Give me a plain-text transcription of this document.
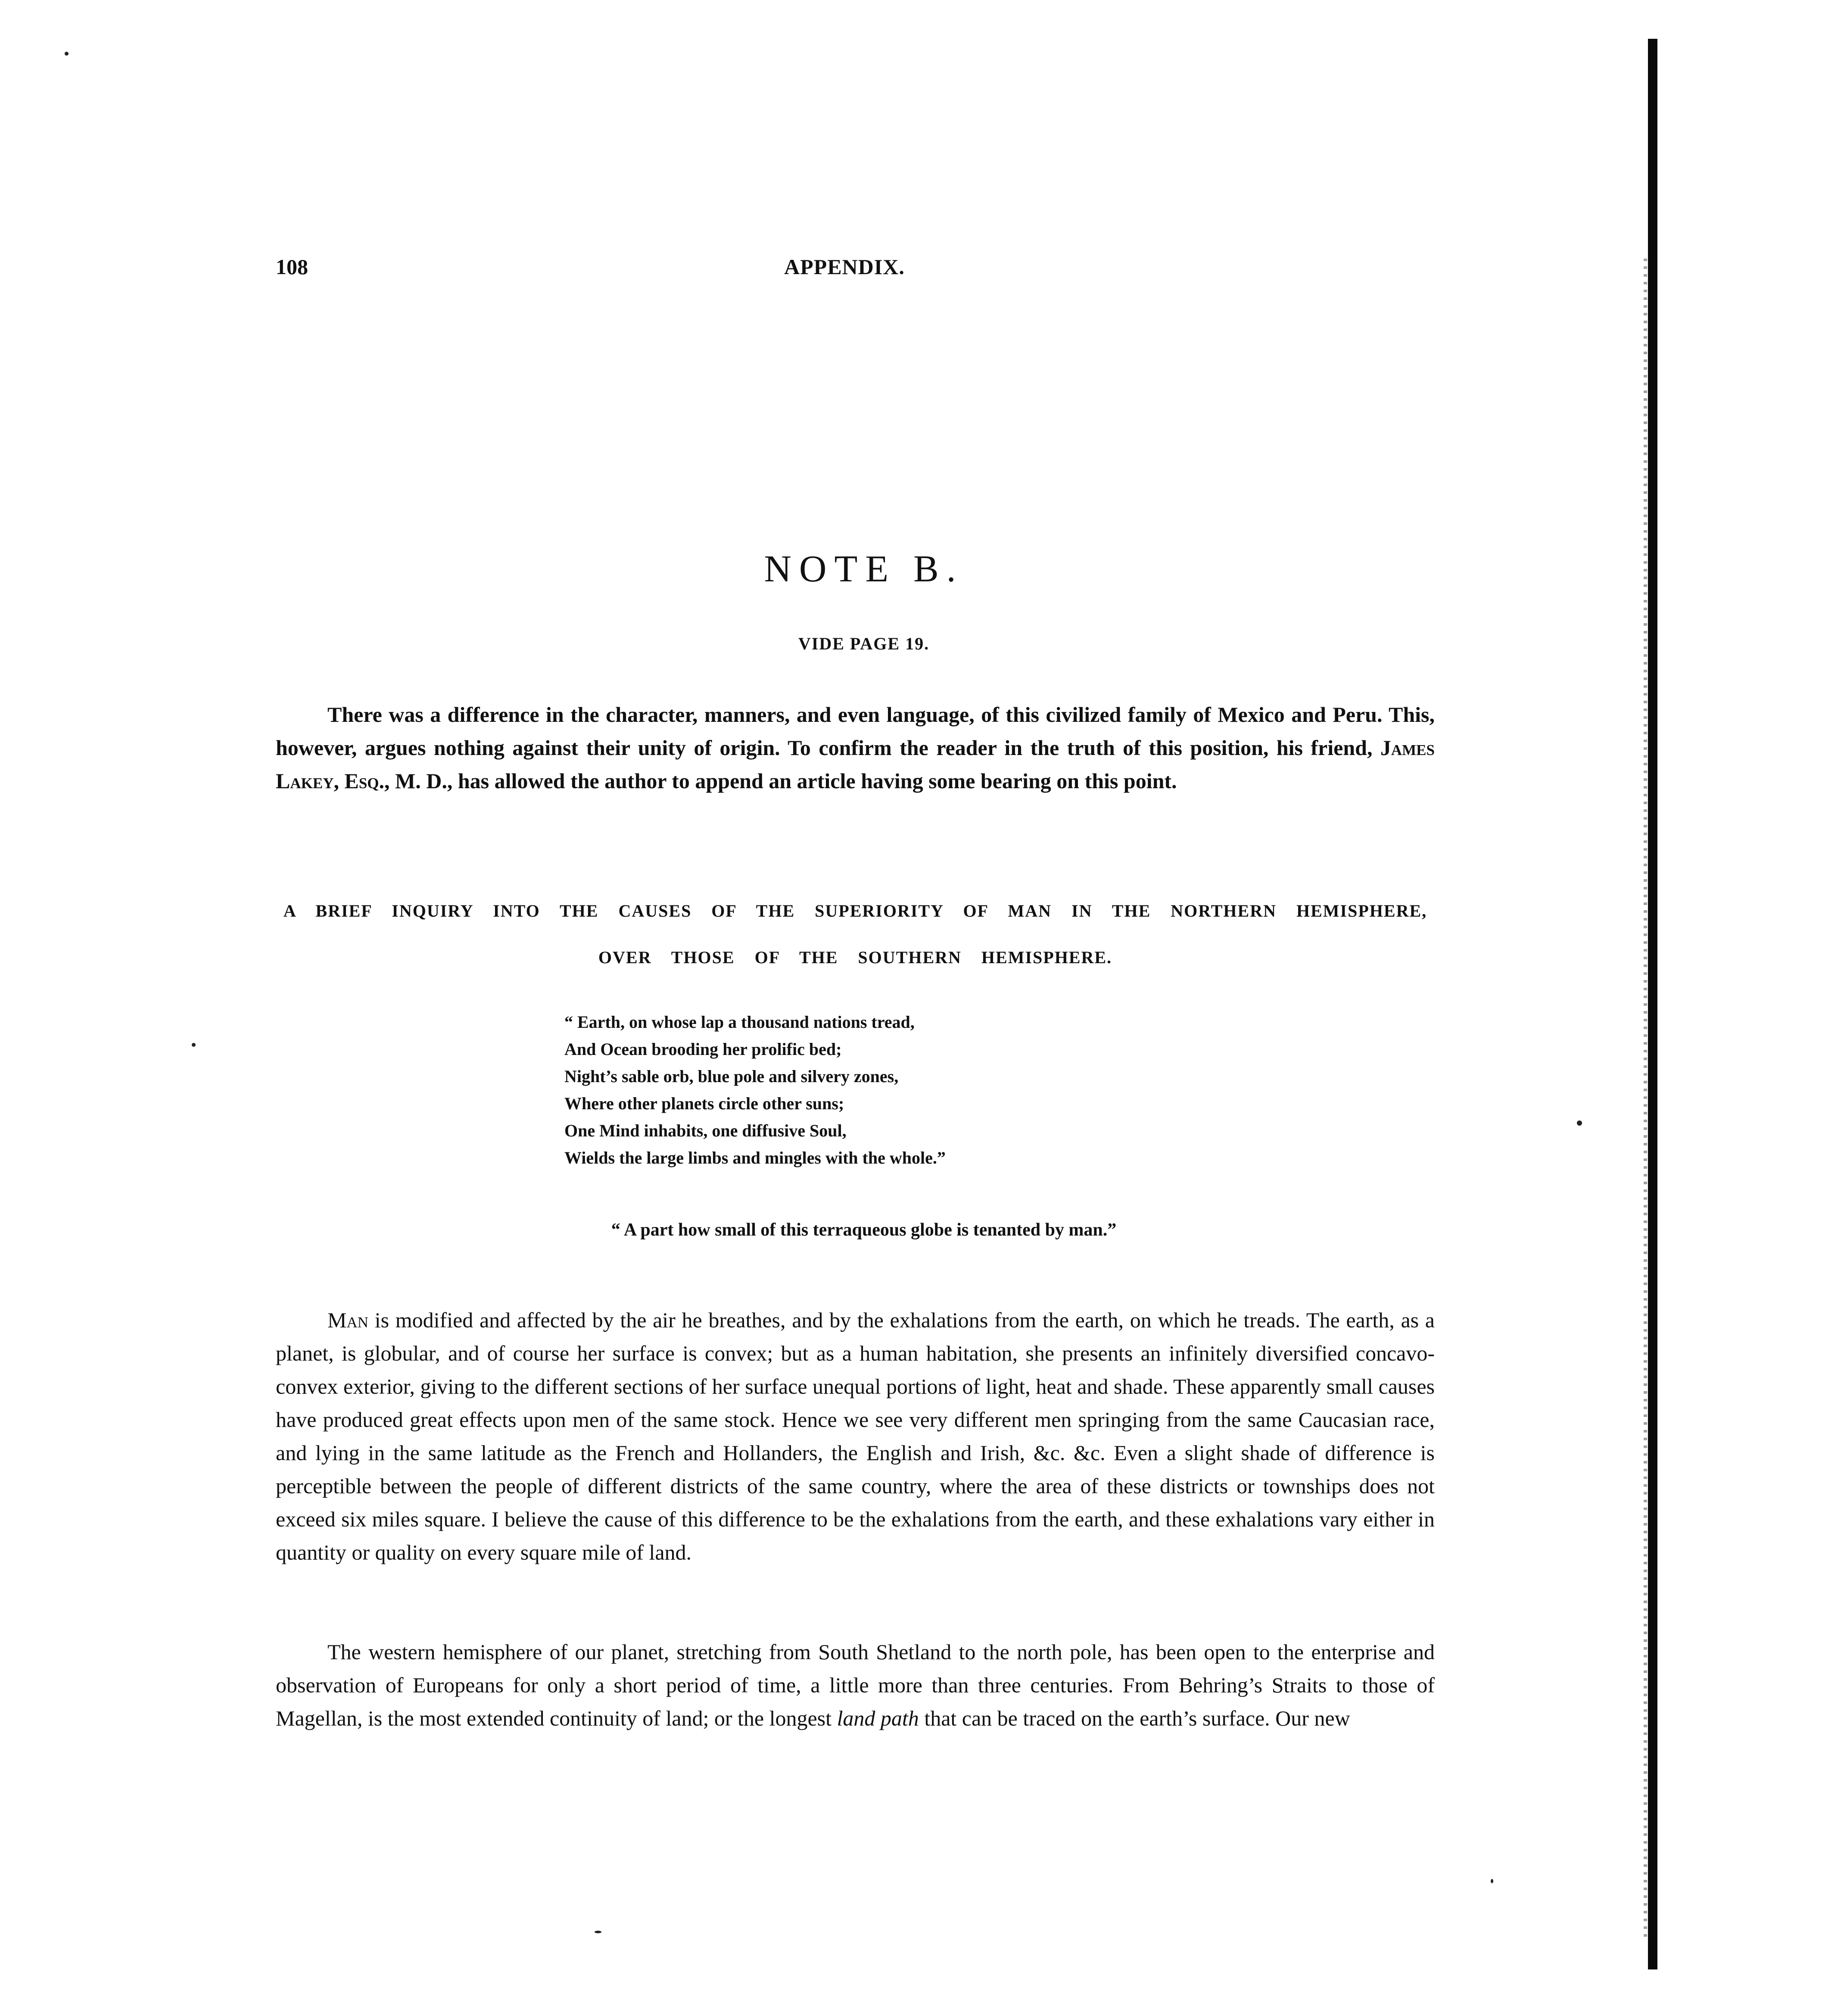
108	APPENDIX.
NOTE B.
VIDE PAGE 19.

There was a difference in the character, manners, and even language, of this civilized family of Mexico and Peru. This, however, argues nothing against their unity of origin. To confirm the reader in the truth of this position, his friend, James Lakey, Esq., M. D., has allowed the author to append an article having some bearing on this point.

A BRIEF INQUIRY INTO THE CAUSES OF THE SUPERIORITY OF MAN IN THE NORTHERN HEMISPHERE, OVER THOSE OF THE SOUTHERN HEMISPHERE.

“ Earth, on whose lap a thousand nations tread,
And Ocean brooding her prolific bed;
Night’s sable orb, blue pole and silvery zones,
Where other planets circle other suns;
One Mind inhabits, one diffusive Soul,
Wields the large limbs and mingles with the whole.”
“ A part how small of this terraqueous globe is tenanted by man.”

Man is modified and affected by the air he breathes, and by the exhalations from the earth, on which he treads. The earth, as a planet, is globular, and of course her surface is convex; but as a human habitation, she presents an infinitely diversified concavo-convex exterior, giving to the different sections of her surface unequal portions of light, heat and shade. These apparently small causes have produced great effects upon men of the same stock. Hence we see very different men springing from the same Caucasian race, and lying in the same latitude as the French and Hollanders, the English and Irish, &c. &c. Even a slight shade of difference is perceptible between the people of different districts of the same country, where the area of these districts or townships does not exceed six miles square. I believe the cause of this difference to be the exhalations from the earth, and these exhalations vary either in quantity or quality on every square mile of land.

The western hemisphere of our planet, stretching from South Shetland to the north pole, has been open to the enterprise and observation of Europeans for only a short period of time, a little more than three centuries. From Behring’s Straits to those of Magellan, is the most extended continuity of land; or the longest land path that can be traced on the earth’s surface. Our new
